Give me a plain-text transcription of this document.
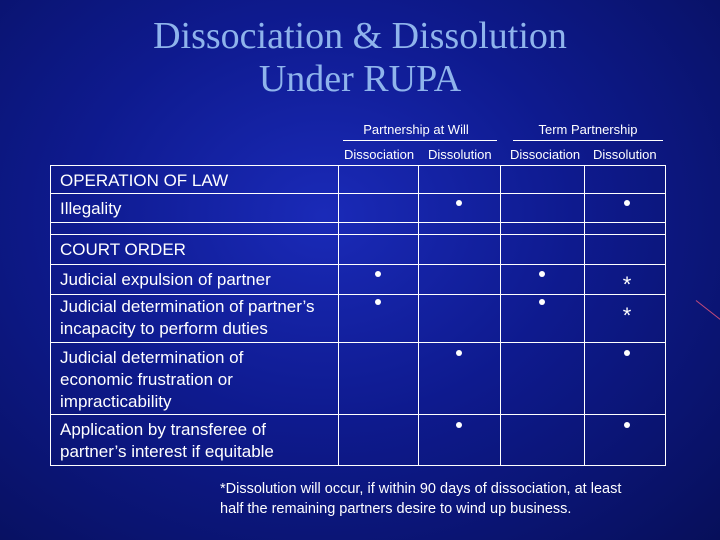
Dissociation & Dissolution
Under RUPA
Partnership at Will	Term Partnership
Dissociation Dissolution Dissociation Dissolution
OPERATION OF LAW
Illegality
COURT ORDER
Judicial expulsion of partner
Judicial determination of partner’s
incapacity to perform duties
Judicial determination of
economic frustration or
impracticability
Application by transferee of
partner’s interest if equitable
*
*
*Dissolution will occur, if within 90 days of dissociation, at least
half the remaining partners desire to wind up business.
